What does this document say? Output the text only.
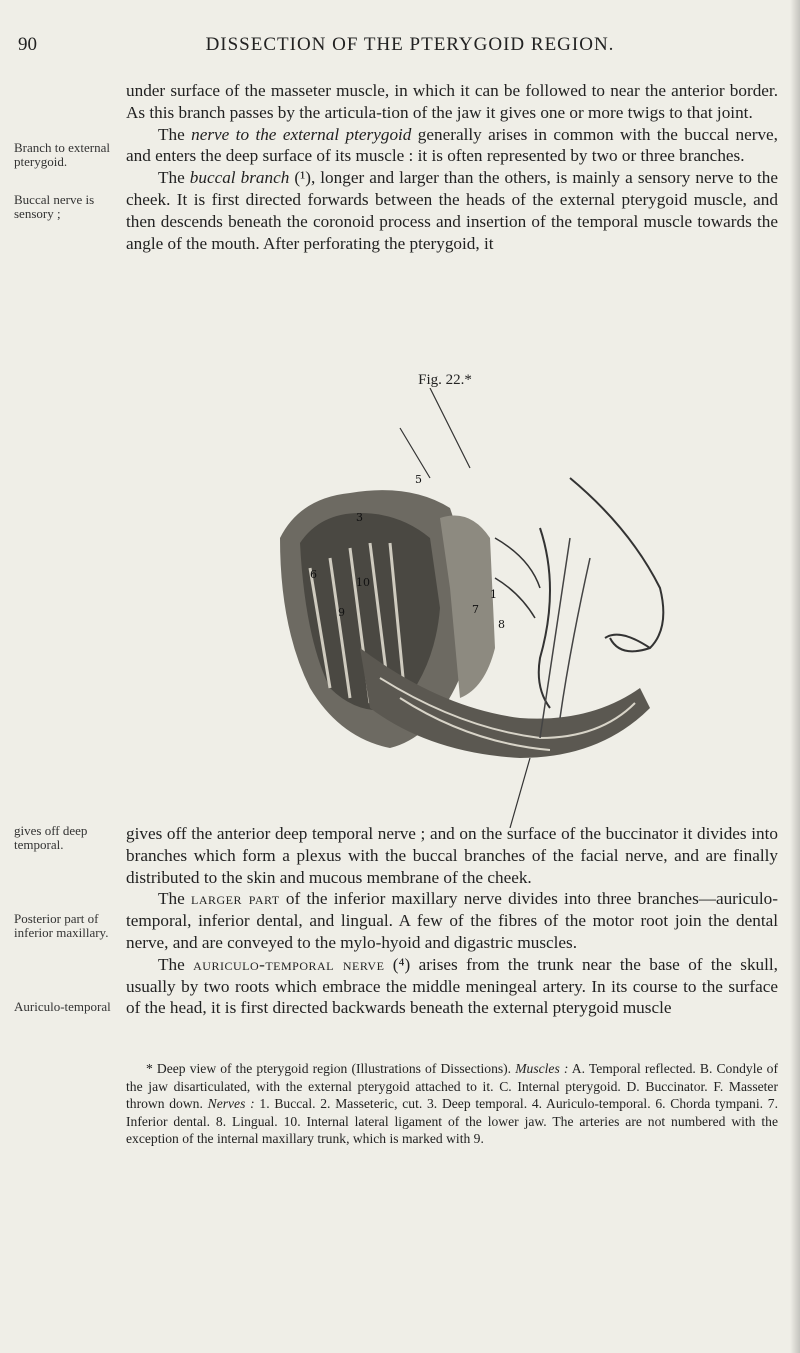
90	DISSECTION OF THE PTERYGOID REGION.
Branch to external pterygoid.
Buccal nerve is sensory ;

under surface of the masseter muscle, in which it can be followed to near the anterior border. As this branch passes by the articula-tion of the jaw it gives one or more twigs to that joint.

The nerve to the external pterygoid generally arises in common with the buccal nerve, and enters the deep surface of its muscle : it is often represented by two or three branches.

The buccal branch (¹), longer and larger than the others, is mainly a sensory nerve to the cheek. It is first directed forwards between the heads of the external pterygoid muscle, and then descends beneath the coronoid process and insertion of the temporal muscle towards the angle of the mouth. After perforating the pterygoid, it

Fig. 22.*
3
5
6
1
8
9
10
7
gives off deep temporal.
Posterior part of inferior maxillary.
Auriculo-temporal

gives off the anterior deep temporal nerve ; and on the surface of the buccinator it divides into branches which form a plexus with the buccal branches of the facial nerve, and are finally distributed to the skin and mucous membrane of the cheek.

The larger part of the inferior maxillary nerve divides into three branches—auriculo-temporal, inferior dental, and lingual. A few of the fibres of the motor root join the dental nerve, and are conveyed to the mylo-hyoid and digastric muscles.

The auriculo-temporal nerve (⁴) arises from the trunk near the base of the skull, usually by two roots which embrace the middle meningeal artery. In its course to the surface of the head, it is first directed backwards beneath the external pterygoid muscle

* Deep view of the pterygoid region (Illustrations of Dissections). Muscles : A. Temporal reflected. B. Condyle of the jaw disarticulated, with the external pterygoid attached to it. C. Internal pterygoid. D. Buccinator. F. Masseter thrown down. Nerves : 1. Buccal. 2. Masseteric, cut. 3. Deep temporal. 4. Auriculo-temporal. 6. Chorda tympani. 7. Inferior dental. 8. Lingual. 10. Internal lateral ligament of the lower jaw. The arteries are not numbered with the exception of the internal maxillary trunk, which is marked with 9.
